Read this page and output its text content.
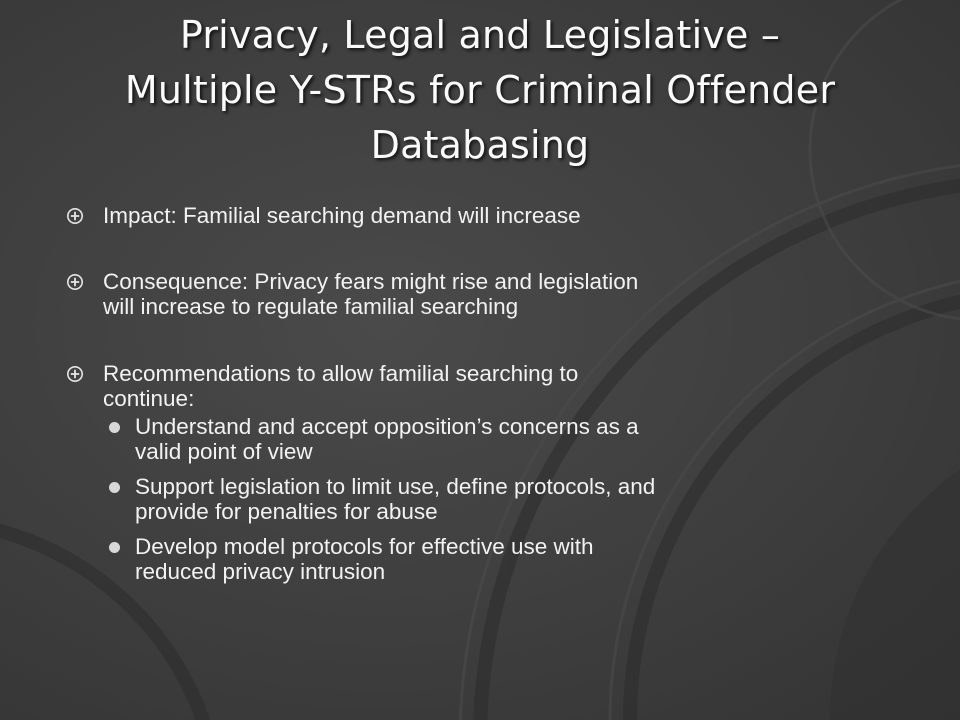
Privacy, Legal and Legislative –
Multiple Y-STRs for Criminal Offender
Databasing
Impact: Familial searching demand will increase
Consequence: Privacy fears might rise and legislation
will increase to regulate familial searching
Recommendations to allow familial searching to
continue:
Understand and accept opposition’s concerns as a
valid point of view
Support legislation to limit use, define protocols, and
provide for penalties for abuse
Develop model protocols for effective use with
reduced privacy intrusion
